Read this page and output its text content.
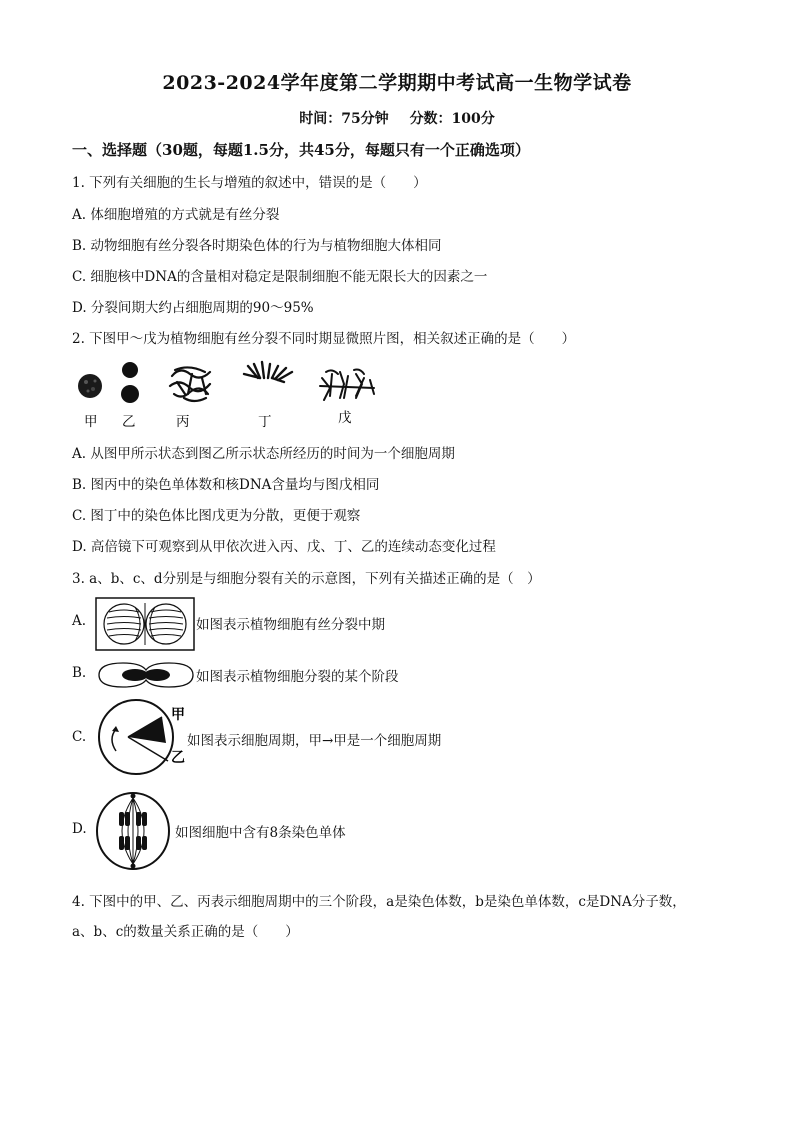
2023-2024学年度第二学期期中考试高一生物学试卷
时间：75分钟 分数：100分
一、选择题（30题，每题1.5分，共45分，每题只有一个正确选项）
1. 下列有关细胞的生长与增殖的叙述中，错误的是（　　）
A. 体细胞增殖的方式就是有丝分裂
B. 动物细胞有丝分裂各时期染色体的行为与植物细胞大体相同
C. 细胞核中DNA的含量相对稳定是限制细胞不能无限长大的因素之一
D. 分裂间期大约占细胞周期的90～95%
2. 下图甲～戊为植物细胞有丝分裂不同时期显微照片图，相关叙述正确的是（　　）
甲 乙	丙	丁	戊
A. 从图甲所示状态到图乙所示状态所经历的时间为一个细胞周期
B. 图丙中的染色单体数和核DNA含量均与图戊相同
C. 图丁中的染色体比图戊更为分散，更便于观察
D. 高倍镜下可观察到从甲依次进入丙、戊、丁、乙的连续动态变化过程
3. a、b、c、d分别是与细胞分裂有关的示意图，下列有关描述正确的是（　）
A.	如图表示植物细胞有丝分裂中期
B.	如图表示植物细胞分裂的某个阶段
C.
甲
乙
如图表示细胞周期，甲→甲是一个细胞周期
D.	如图细胞中含有8条染色单体
4. 下图中的甲、乙、丙表示细胞周期中的三个阶段，a是染色体数，b是染色单体数，c是DNA分子数，
a、b、c的数量关系正确的是（　　）
